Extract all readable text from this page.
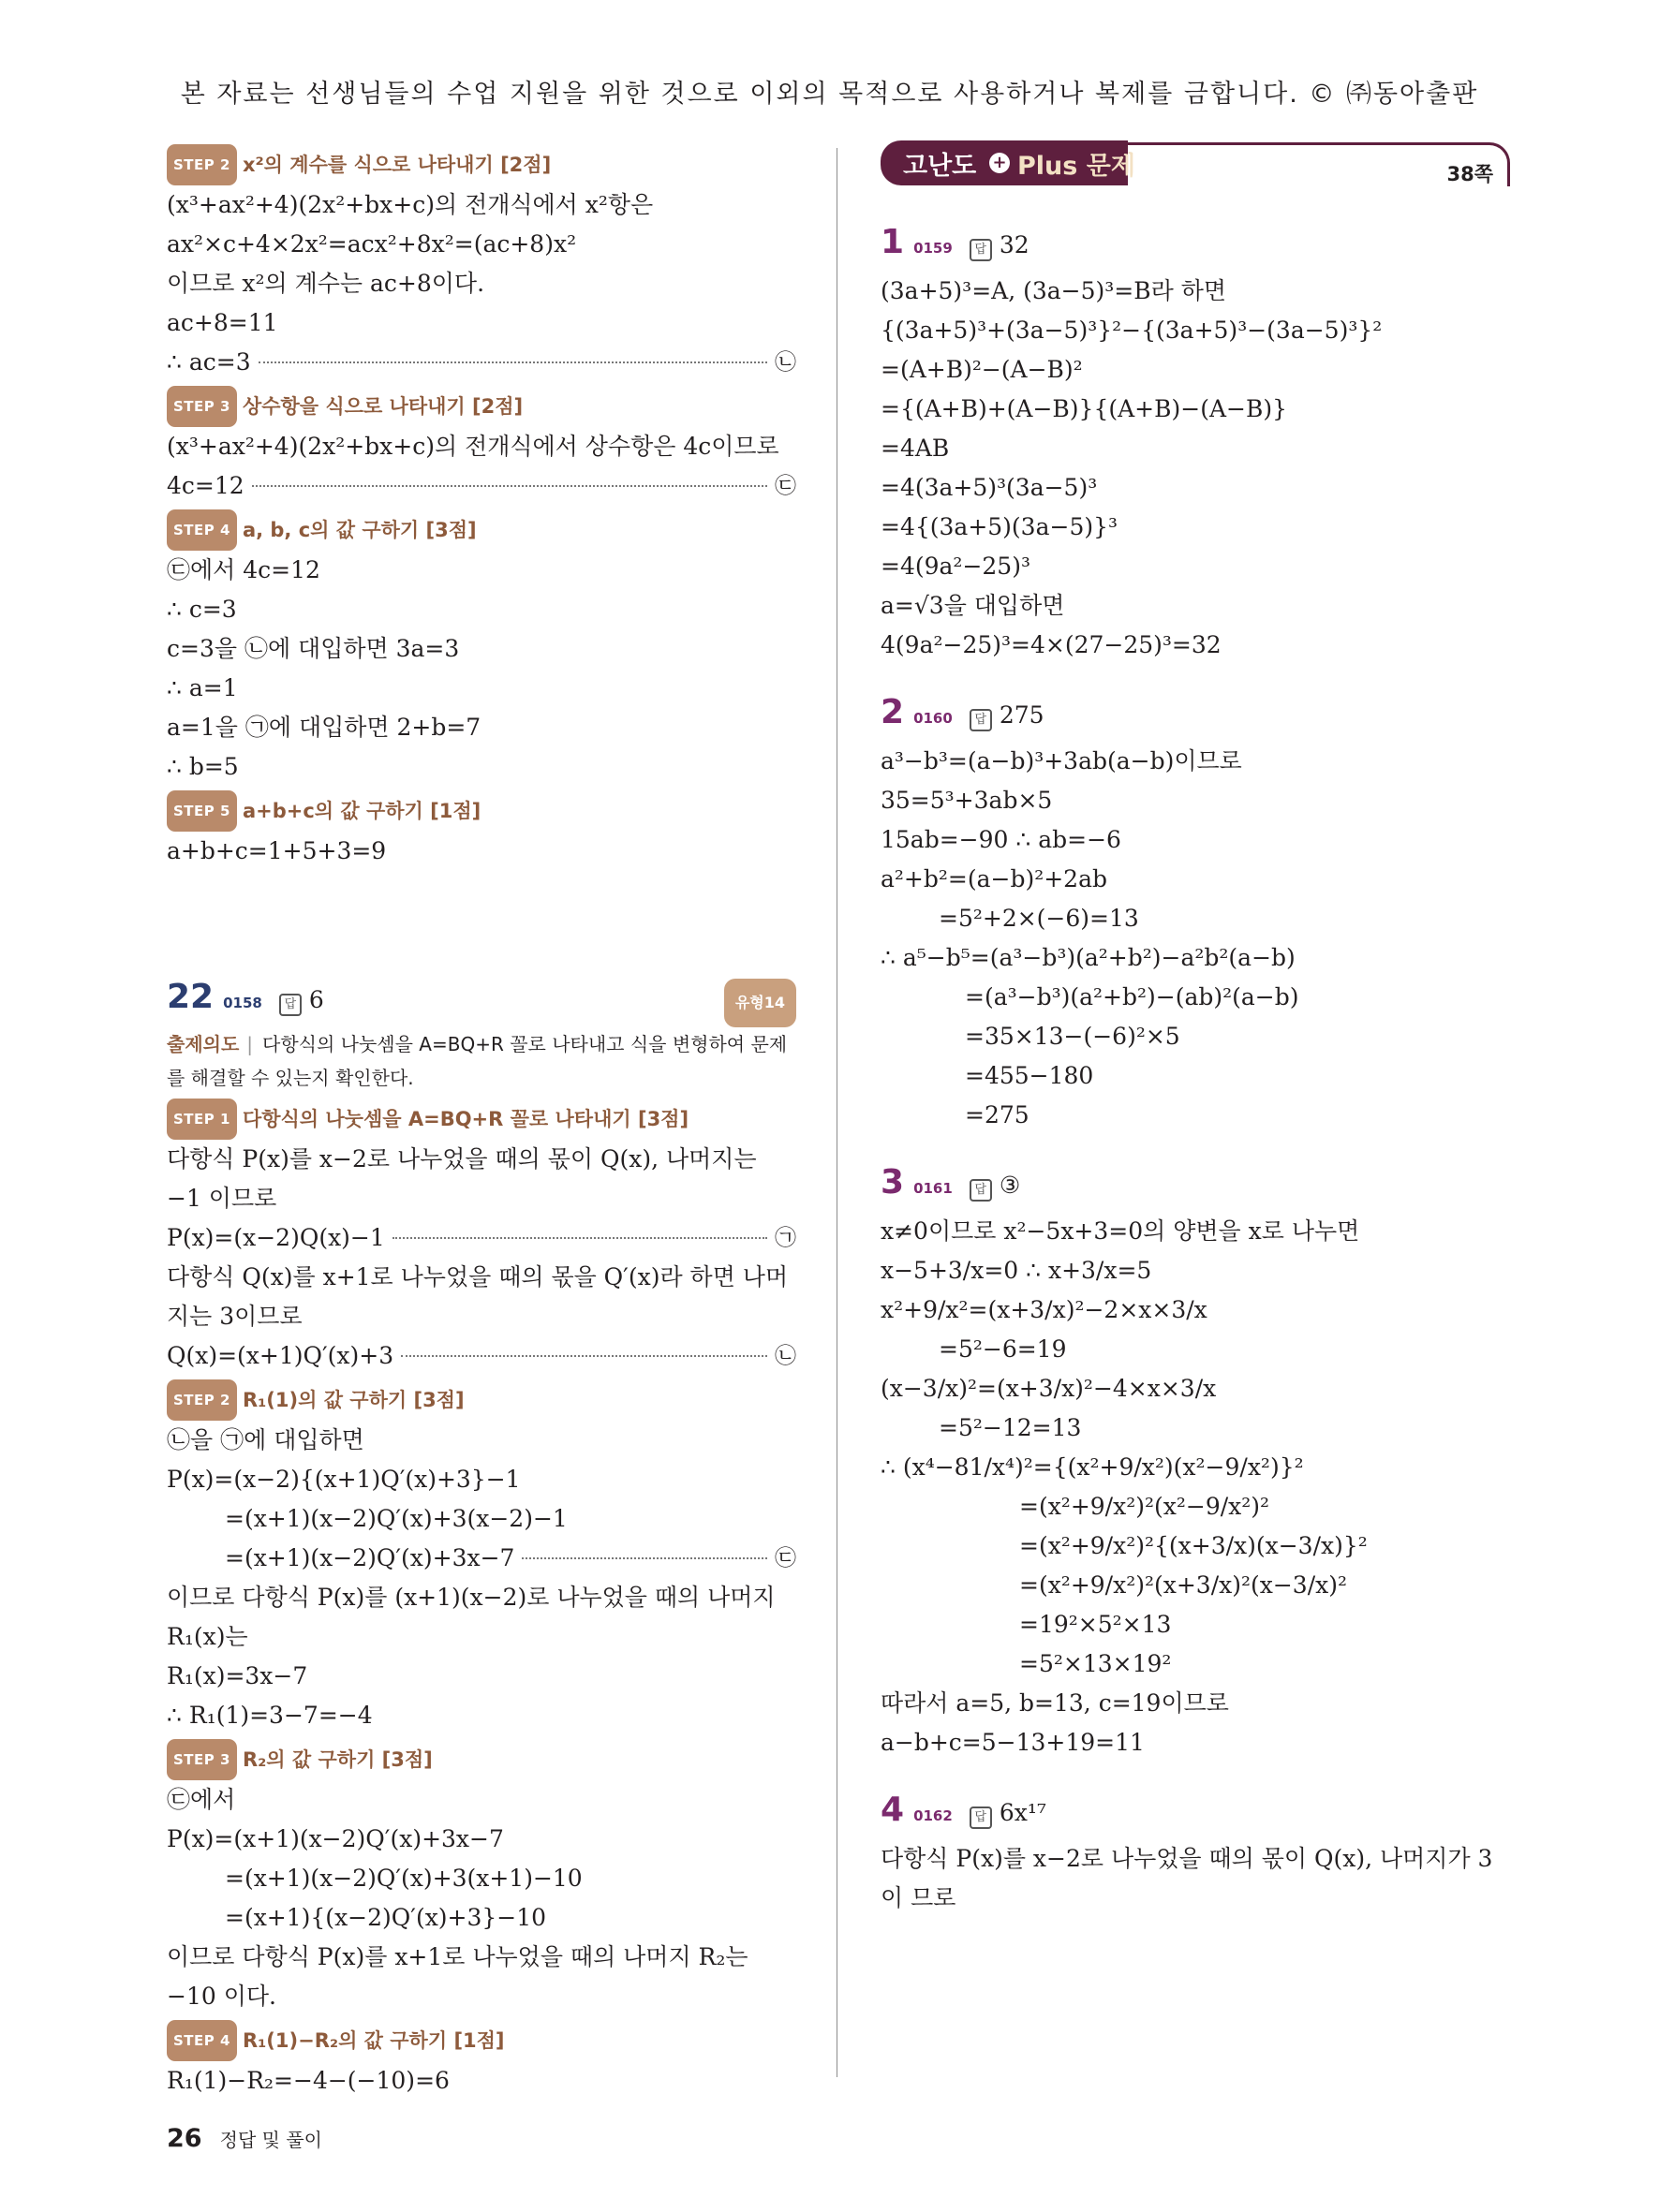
본 자료는 선생님들의 수업 지원을 위한 것으로 이외의 목적으로 사용하거나 복제를 금합니다. © ㈜동아출판
STEP 2 x²의 계수를 식으로 나타내기 [2점]
(x³+ax²+4)(2x²+bx+c)의 전개식에서 x²항은
ax²×c+4×2x²=acx²+8x²=(ac+8)x²
이므로 x²의 계수는 ac+8이다.
ac+8=11
∴ ac=3	㉡
STEP 3 상수항을 식으로 나타내기 [2점]
(x³+ax²+4)(2x²+bx+c)의 전개식에서 상수항은 4c이므로
4c=12	㉢
STEP 4 a, b, c의 값 구하기 [3점]
㉢에서 4c=12
∴ c=3
c=3을 ㉡에 대입하면 3a=3
∴ a=1
a=1을 ㉠에 대입하면 2+b=7
∴ b=5
STEP 5 a+b+c의 값 구하기 [1점]
a+b+c=1+5+3=9
22 0158	답 6	유형14
출제의도 | 다항식의 나눗셈을 A=BQ+R 꼴로 나타내고 식을 변형하여 문제를 해결할 수 있는지 확인한다.
STEP 1 다항식의 나눗셈을 A=BQ+R 꼴로 나타내기 [3점]
다항식 P(x)를 x−2로 나누었을 때의 몫이 Q(x), 나머지는 −1 이므로
P(x)=(x−2)Q(x)−1	㉠
다항식 Q(x)를 x+1로 나누었을 때의 몫을 Q′(x)라 하면 나머지는 3이므로
Q(x)=(x+1)Q′(x)+3	㉡
STEP 2 R₁(1)의 값 구하기 [3점]
㉡을 ㉠에 대입하면
P(x)=(x−2){(x+1)Q′(x)+3}−1
=(x+1)(x−2)Q′(x)+3(x−2)−1
=(x+1)(x−2)Q′(x)+3x−7	㉢
이므로 다항식 P(x)를 (x+1)(x−2)로 나누었을 때의 나머지 R₁(x)는
R₁(x)=3x−7
∴ R₁(1)=3−7=−4
STEP 3 R₂의 값 구하기 [3점]
㉢에서
P(x)=(x+1)(x−2)Q′(x)+3x−7
=(x+1)(x−2)Q′(x)+3(x+1)−10
=(x+1){(x−2)Q′(x)+3}−10
이므로 다항식 P(x)를 x+1로 나누었을 때의 나머지 R₂는 −10 이다.
STEP 4 R₁(1)−R₂의 값 구하기 [1점]
R₁(1)−R₂=−4−(−10)=6
고난도 + Plus 문제	38쪽
1 0159	답 32
(3a+5)³=A, (3a−5)³=B라 하면
{(3a+5)³+(3a−5)³}²−{(3a+5)³−(3a−5)³}²
=(A+B)²−(A−B)²
={(A+B)+(A−B)}{(A+B)−(A−B)}
=4AB
=4(3a+5)³(3a−5)³
=4{(3a+5)(3a−5)}³
=4(9a²−25)³
a=√3을 대입하면
4(9a²−25)³=4×(27−25)³=32
2 0160	답 275
a³−b³=(a−b)³+3ab(a−b)이므로
35=5³+3ab×5
15ab=−90 ∴ ab=−6
a²+b²=(a−b)²+2ab
=5²+2×(−6)=13
∴ a⁵−b⁵=(a³−b³)(a²+b²)−a²b²(a−b)
=(a³−b³)(a²+b²)−(ab)²(a−b)
=35×13−(−6)²×5
=455−180
=275
3 0161	답 ③
x≠0이므로 x²−5x+3=0의 양변을 x로 나누면
x−5+3/x=0 ∴ x+3/x=5
x²+9/x²=(x+3/x)²−2×x×3/x
=5²−6=19
(x−3/x)²=(x+3/x)²−4×x×3/x
=5²−12=13
∴ (x⁴−81/x⁴)²={(x²+9/x²)(x²−9/x²)}²
=(x²+9/x²)²(x²−9/x²)²
=(x²+9/x²)²{(x+3/x)(x−3/x)}²
=(x²+9/x²)²(x+3/x)²(x−3/x)²
=19²×5²×13
=5²×13×19²
따라서 a=5, b=13, c=19이므로
a−b+c=5−13+19=11
4 0162	답 6x¹⁷
다항식 P(x)를 x−2로 나누었을 때의 몫이 Q(x), 나머지가 3이 므로
26 정답 및 풀이
